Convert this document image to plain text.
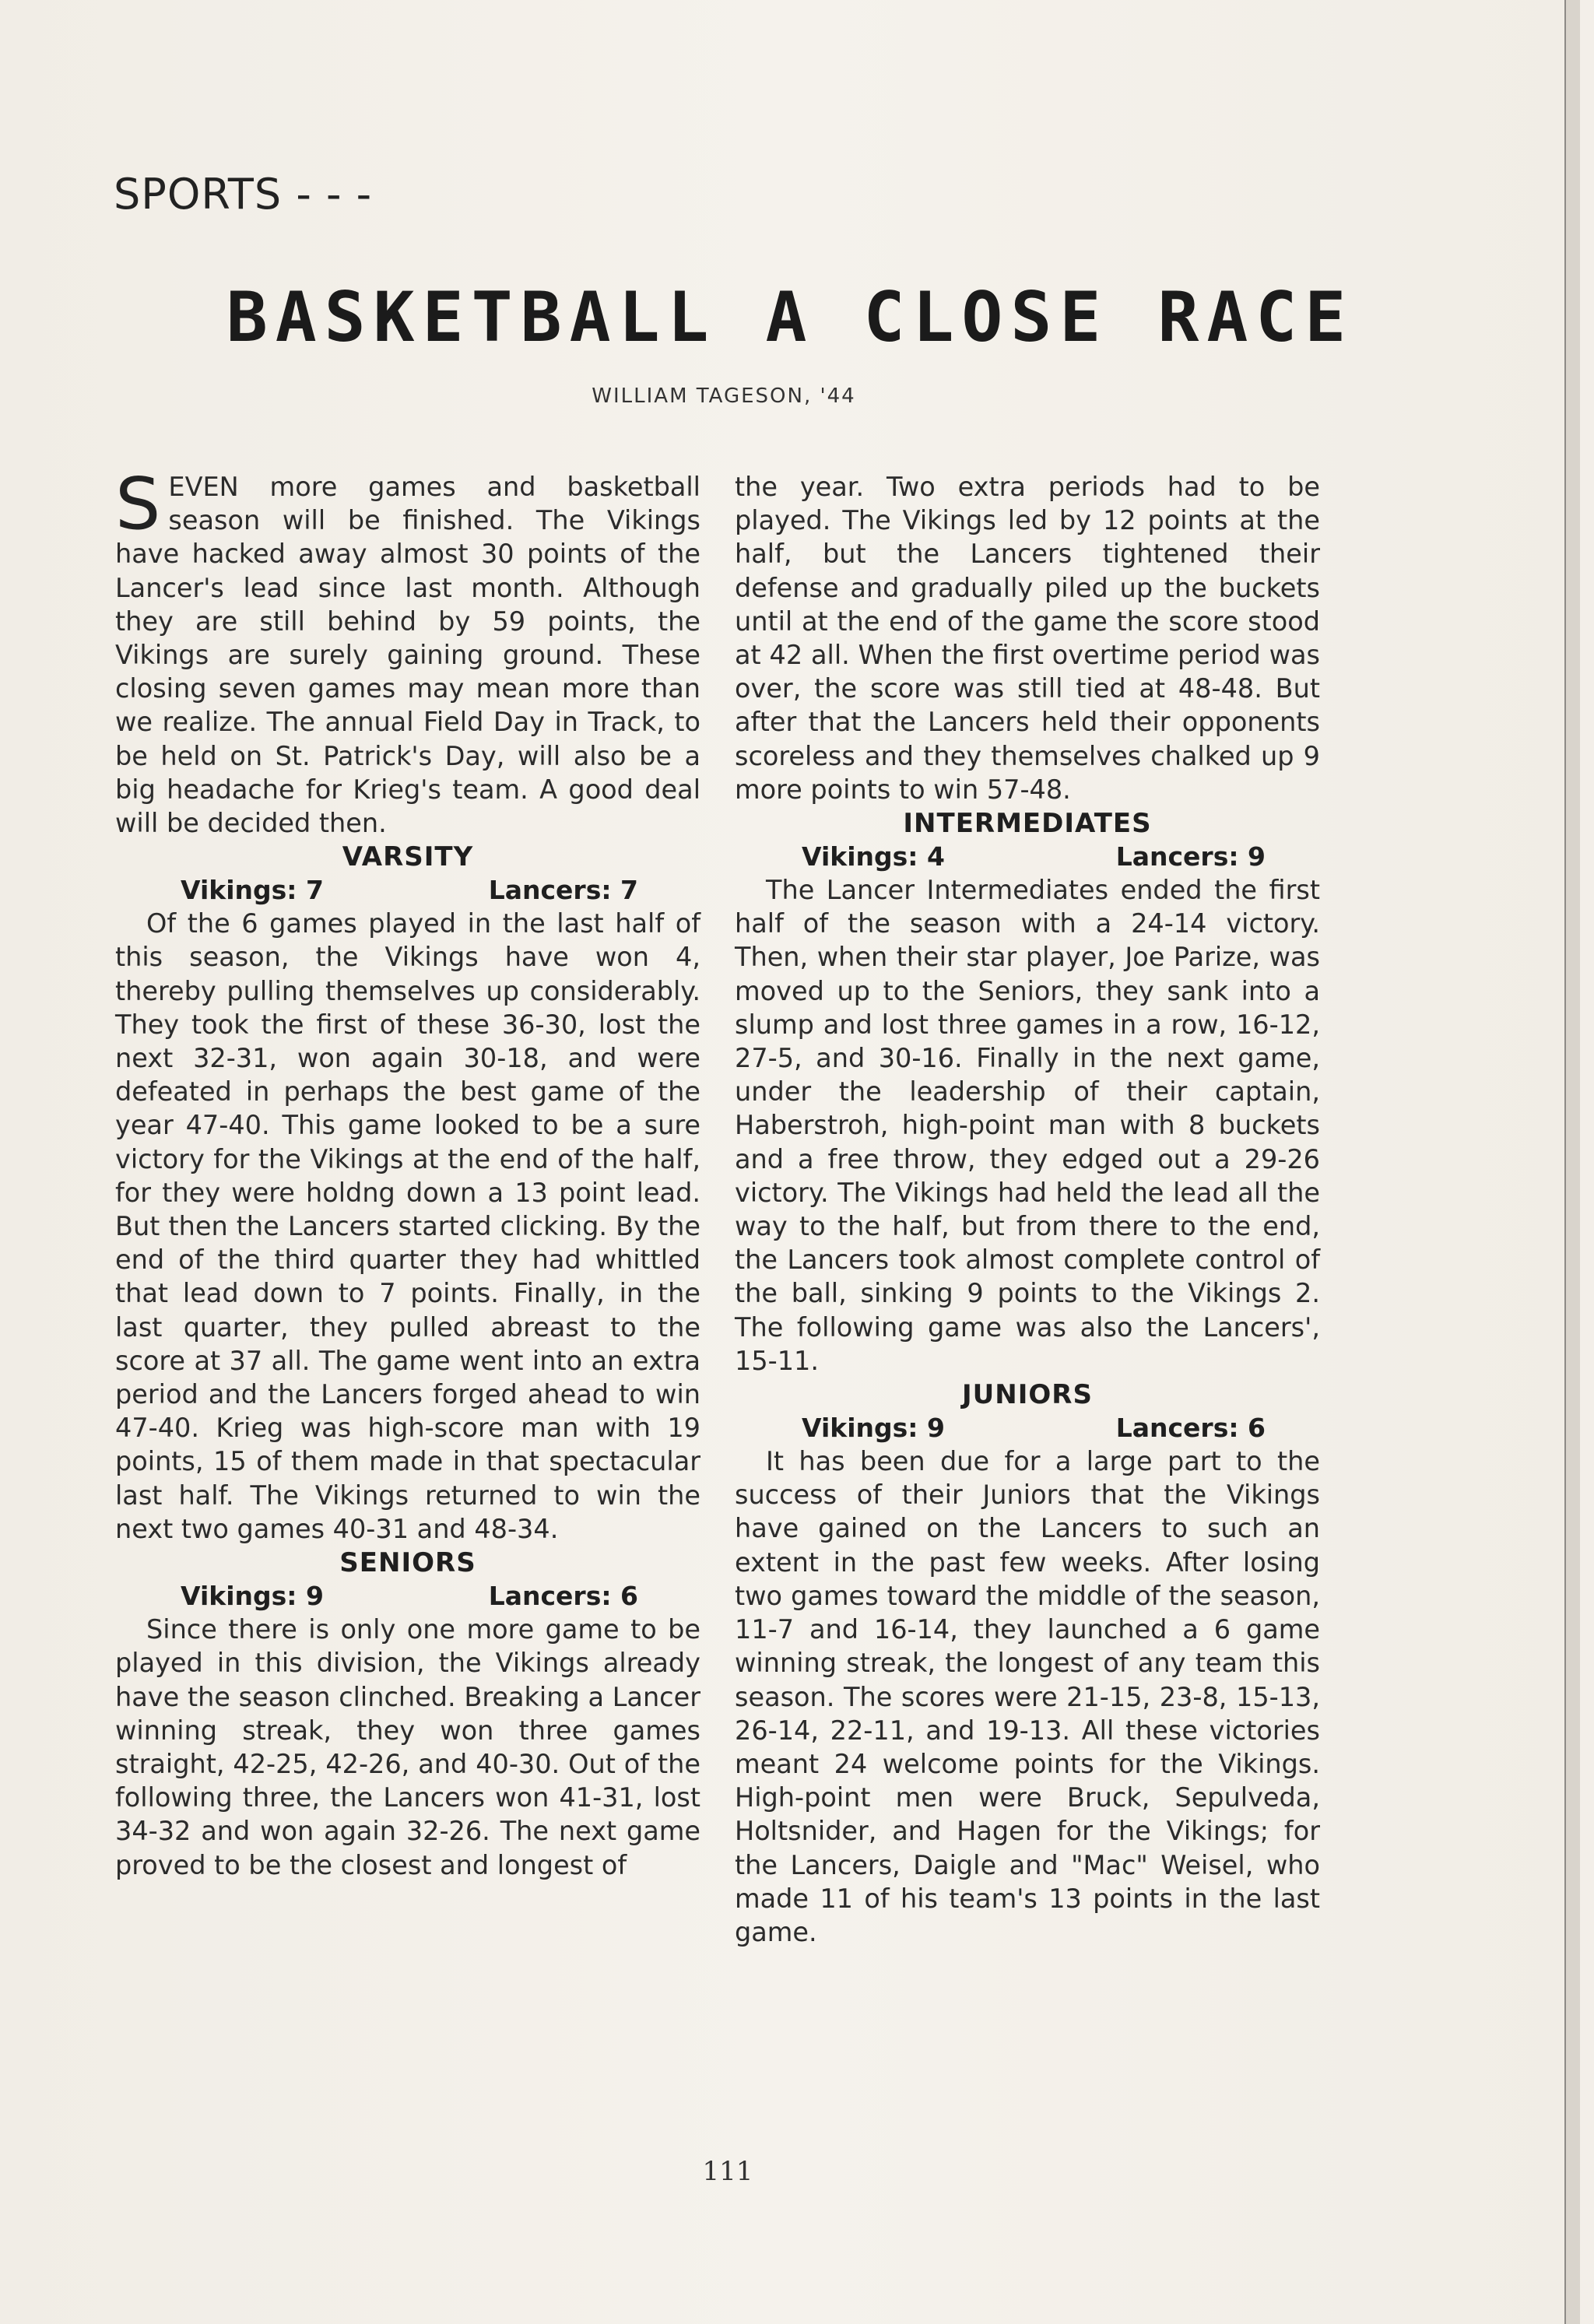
SPORTS - - -
BASKETBALL A CLOSE RACE
WILLIAM TAGESON, '44

SEVEN more games and basketball season will be finished. The Vikings have hacked away almost 30 points of the Lancer's lead since last month. Although they are still behind by 59 points, the Vikings are surely gaining ground. These closing seven games may mean more than we realize. The annual Field Day in Track, to be held on St. Patrick's Day, will also be a big headache for Krieg's team. A good deal will be decided then.

VARSITY
Vikings: 7	Lancers: 7

Of the 6 games played in the last half of this season, the Vikings have won 4, thereby pulling themselves up considerably. They took the first of these 36-30, lost the next 32-31, won again 30-18, and were defeated in perhaps the best game of the year 47-40. This game looked to be a sure victory for the Vikings at the end of the half, for they were holdng down a 13 point lead. But then the Lancers started clicking. By the end of the third quarter they had whittled that lead down to 7 points. Finally, in the last quarter, they pulled abreast to the score at 37 all. The game went into an extra period and the Lancers forged ahead to win 47-40. Krieg was high-score man with 19 points, 15 of them made in that spectacular last half. The Vikings returned to win the next two games 40-31 and 48-34.

SENIORS
Vikings: 9	Lancers: 6

Since there is only one more game to be played in this division, the Vikings already have the season clinched. Breaking a Lancer winning streak, they won three games straight, 42-25, 42-26, and 40-30. Out of the following three, the Lancers won 41-31, lost 34-32 and won again 32-26. The next game proved to be the closest and longest of

the year. Two extra periods had to be played. The Vikings led by 12 points at the half, but the Lancers tightened their defense and gradually piled up the buckets until at the end of the game the score stood at 42 all. When the first overtime period was over, the score was still tied at 48-48. But after that the Lancers held their opponents scoreless and they themselves chalked up 9 more points to win 57-48.

INTERMEDIATES
Vikings: 4	Lancers: 9

The Lancer Intermediates ended the first half of the season with a 24-14 victory. Then, when their star player, Joe Parize, was moved up to the Seniors, they sank into a slump and lost three games in a row, 16-12, 27-5, and 30-16. Finally in the next game, under the leadership of their captain, Haberstroh, high-point man with 8 buckets and a free throw, they edged out a 29-26 victory. The Vikings had held the lead all the way to the half, but from there to the end, the Lancers took almost complete control of the ball, sinking 9 points to the Vikings 2. The following game was also the Lancers', 15-11.

JUNIORS
Vikings: 9	Lancers: 6

It has been due for a large part to the success of their Juniors that the Vikings have gained on the Lancers to such an extent in the past few weeks. After losing two games toward the middle of the season, 11-7 and 16-14, they launched a 6 game winning streak, the longest of any team this season. The scores were 21-15, 23-8, 15-13, 26-14, 22-11, and 19-13. All these victories meant 24 welcome points for the Vikings. High-point men were Bruck, Sepulveda, Holtsnider, and Hagen for the Vikings; for the Lancers, Daigle and "Mac" Weisel, who made 11 of his team's 13 points in the last game.

111
